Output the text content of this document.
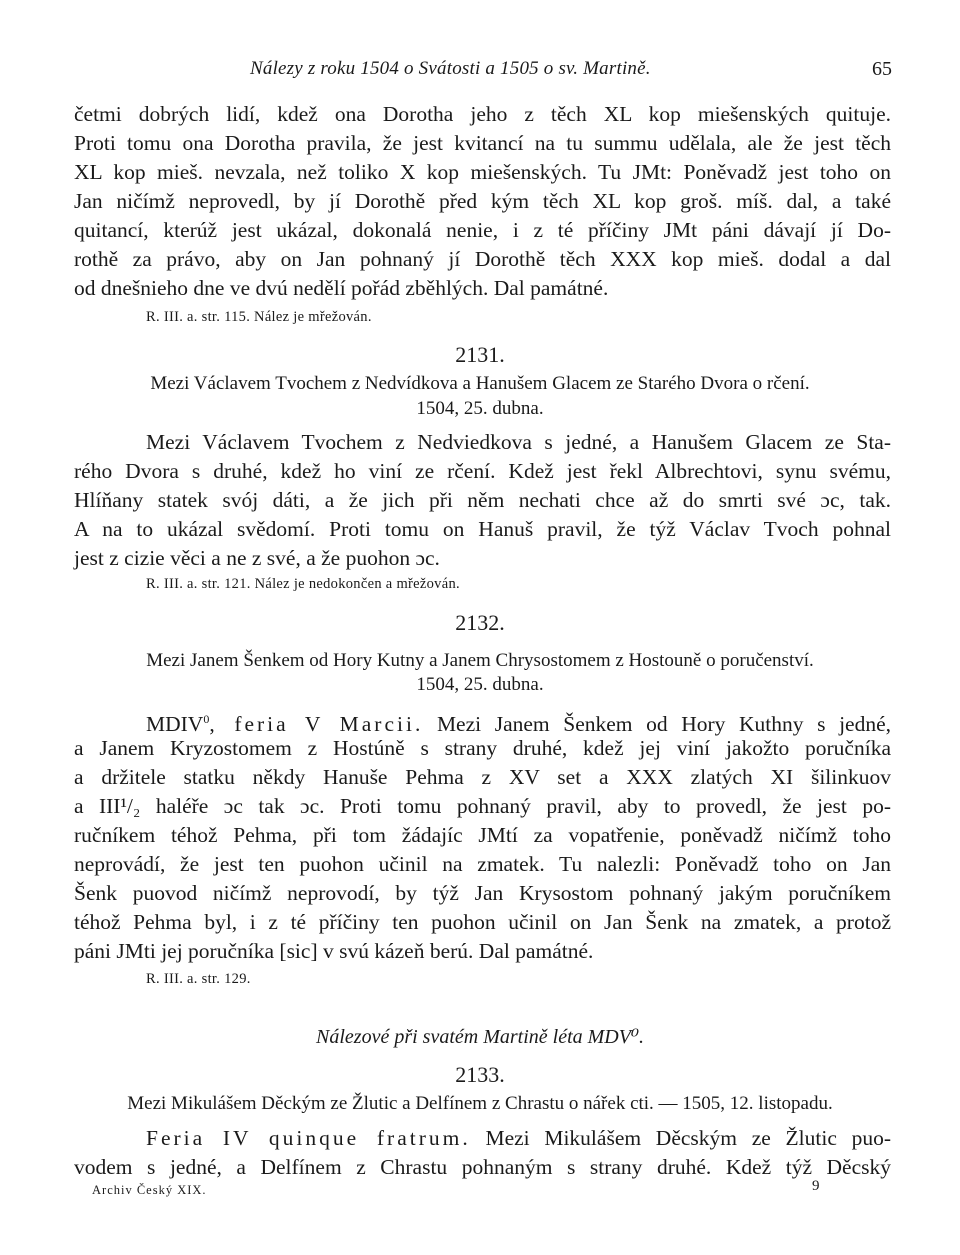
Nálezy z roku 1504 o Svátosti a 1505 o sv. Martině.	65
četmi dobrých lidí, kdež ona Dorotha jeho z těch XL kop miešenských quituje.
Proti tomu ona Dorotha pravila, že jest kvitancí na tu summu udělala, ale že jest těch
XL kop mieš. nevzala, než toliko X kop miešenských. Tu JMt: Poněvadž jest toho on
Jan ničímž neprovedl, by jí Dorothě před kým těch XL kop groš. míš. dal, a také
quitancí, kterúž jest ukázal, dokonalá nenie, i z té příčiny JMt páni dávají jí Do-
rothě za právo, aby on Jan pohnaný jí Dorothě těch XXX kop mieš. dodal a dal
od dnešnieho dne ve dvú nedělí pořád zběhlých. Dal památné.
R. III. a. str. 115. Nález je mřežován.
2131.
Mezi Václavem Tvochem z Nedvídkova a Hanušem Glacem ze Starého Dvora o rčení.
1504, 25. dubna.
Mezi Václavem Tvochem z Nedviedkova s jedné, a Hanušem Glacem ze Sta-
rého Dvora s druhé, kdež ho viní ze rčení. Kdež jest řekl Albrechtovi, synu svému,
Hlíňany statek svój dáti, a že jich při něm nechati chce až do smrti své ɔc, tak.
A na to ukázal svědomí. Proti tomu on Hanuš pravil, že týž Václav Tvoch pohnal
jest z cizie věci a ne z své, a že puohon ɔc.
R. III. a. str. 121. Nález je nedokončen a mřežován.
2132.
Mezi Janem Šenkem od Hory Kutny a Janem Chrysostomem z Hostouně o poručenství.
1504, 25. dubna.
MDIV$^0$, feria V Marcii. Mezi Janem Šenkem od Hory Kuthny s jedné,
a Janem Kryzostomem z Hostúně s strany druhé, kdež jej viní jakožto poručníka
a držitele statku někdy Hanuše Pehma z XV set a XXX zlatých XI šilinkuov
a III¹/₂ haléře ɔc tak ɔc. Proti tomu pohnaný pravil, aby to provedl, že jest po-
ručníkem téhož Pehma, při tom žádajíc JMtí za vopatřenie, poněvadž ničímž toho
neprovádí, že jest ten puohon učinil na zmatek. Tu nalezli: Poněvadž toho on Jan
Šenk puovod ničímž neprovodí, by týž Jan Krysostom pohnaný jakým poručníkem
téhož Pehma byl, i z té příčiny ten puohon učinil on Jan Šenk na zmatek, a protož
páni JMti jej poručníka [sic] v svú kázeň berú. Dal památné.
R. III. a. str. 129.
Nálezové při svatém Martině léta MDV⁰.
2133.
Mezi Mikulášem Děckým ze Žlutic a Delfínem z Chrastu o nářek cti. — 1505, 12. listopadu.
Feria IV quinque fratrum. Mezi Mikulášem Děcským ze Žlutic puo-
vodem s jedné, a Delfínem z Chrastu pohnaným s strany druhé. Kdež týž Děcský
Archiv Český XIX.	9
